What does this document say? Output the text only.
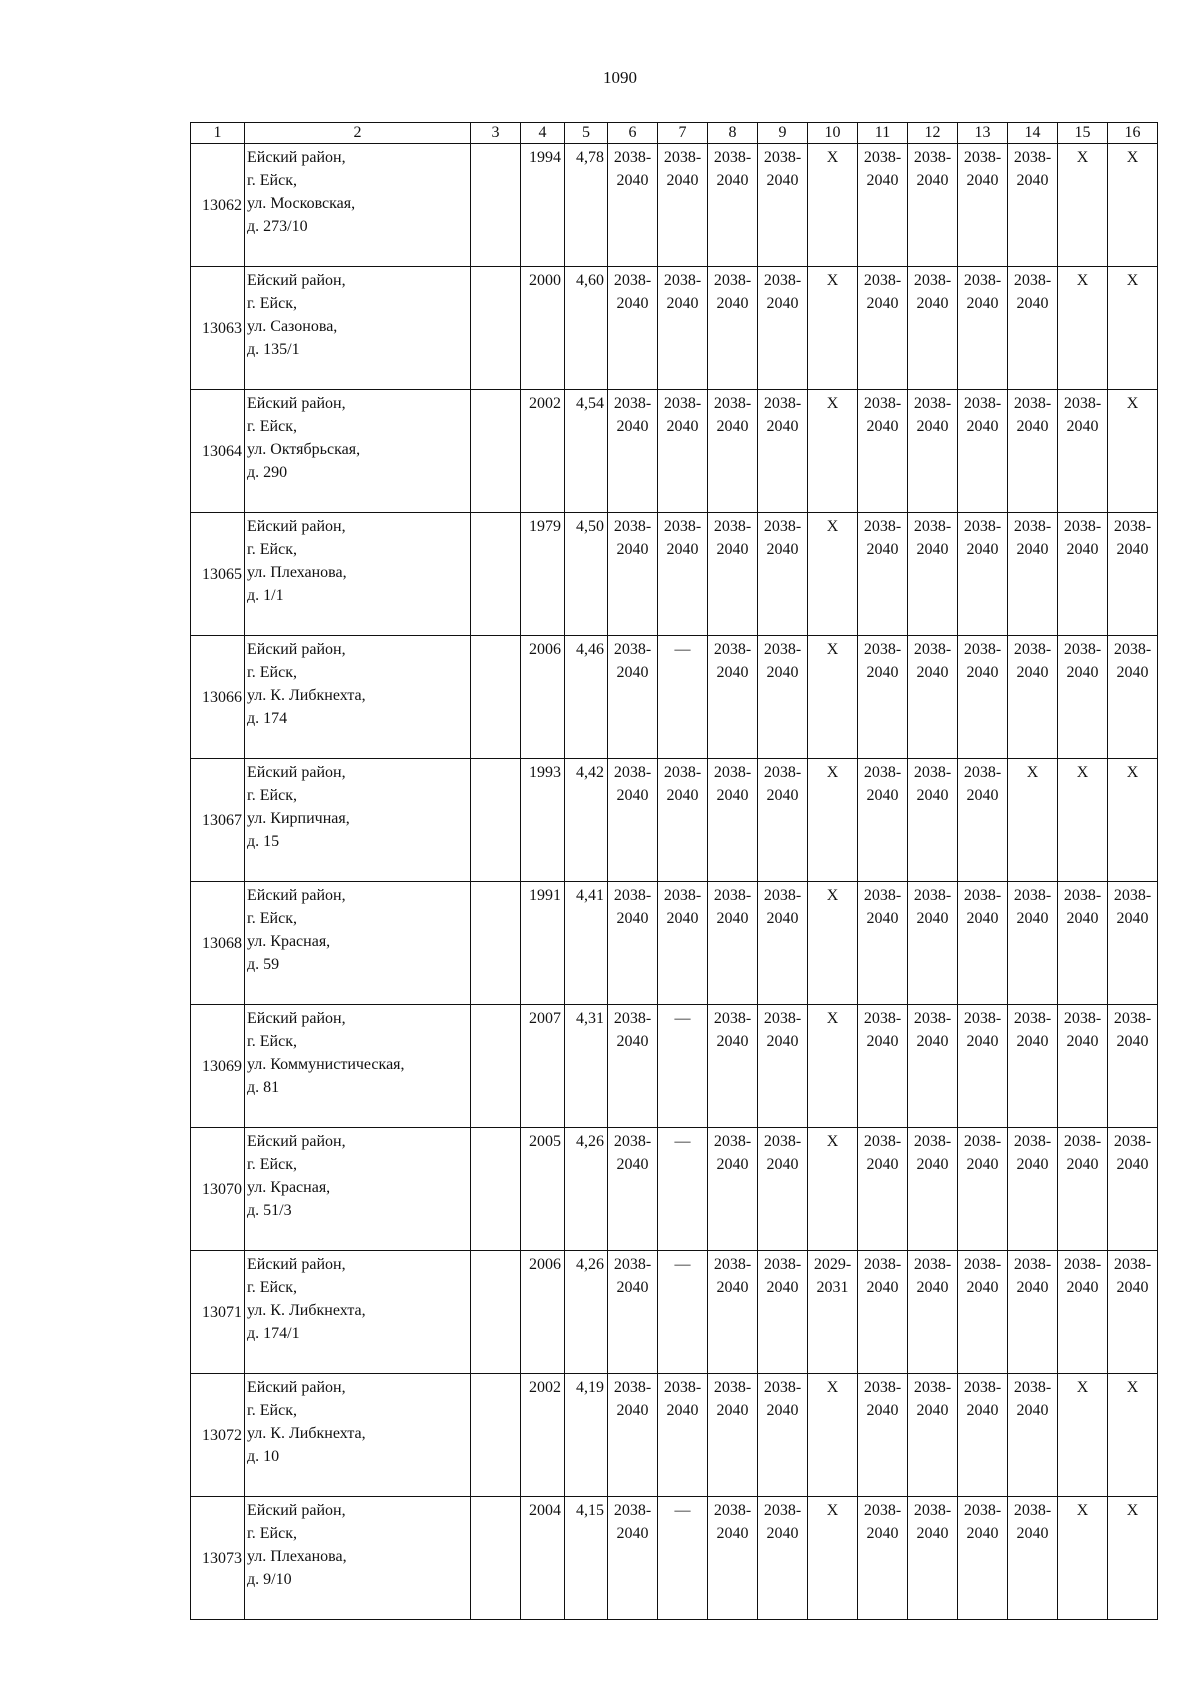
1090
1	2	3	4	5	6	7	8	9	10	11	12	13	14	15	16
13062	Ейский район,
г. Ейск,
ул. Московская,
д. 273/10		1994	4,78	2038-
2040	2038-
2040	2038-
2040	2038-
2040	Х	2038-
2040	2038-
2040	2038-
2040	2038-
2040	Х	Х
13063	Ейский район,
г. Ейск,
ул. Сазонова,
д. 135/1		2000	4,60	2038-
2040	2038-
2040	2038-
2040	2038-
2040	Х	2038-
2040	2038-
2040	2038-
2040	2038-
2040	Х	Х
13064	Ейский район,
г. Ейск,
ул. Октябрьская,
д. 290		2002	4,54	2038-
2040	2038-
2040	2038-
2040	2038-
2040	Х	2038-
2040	2038-
2040	2038-
2040	2038-
2040	2038-
2040	Х
13065	Ейский район,
г. Ейск,
ул. Плеханова,
д. 1/1		1979	4,50	2038-
2040	2038-
2040	2038-
2040	2038-
2040	Х	2038-
2040	2038-
2040	2038-
2040	2038-
2040	2038-
2040	2038-
2040

13066	Ейский район,
г. Ейск,
ул. К. Либкнехта,
д. 174		2006	4,46	2038-
2040	—	2038-
2040	2038-
2040	Х	2038-
2040	2038-
2040	2038-
2040	2038-
2040	2038-
2040	2038-
2040

13067	Ейский район,
г. Ейск,
ул. Кирпичная,
д. 15		1993	4,42	2038-
2040	2038-
2040	2038-
2040	2038-
2040	Х	2038-
2040	2038-
2040	2038-
2040	Х	Х	Х
13068	Ейский район,
г. Ейск,
ул. Красная,
д. 59		1991	4,41	2038-
2040	2038-
2040	2038-
2040	2038-
2040	Х	2038-
2040	2038-
2040	2038-
2040	2038-
2040	2038-
2040	2038-
2040

13069	Ейский район,
г. Ейск,
ул. Коммунистическая,
д. 81		2007	4,31	2038-
2040	—	2038-
2040	2038-
2040	Х	2038-
2040	2038-
2040	2038-
2040	2038-
2040	2038-
2040	2038-
2040

13070	Ейский район,
г. Ейск,
ул. Красная,
д. 51/3		2005	4,26	2038-
2040	—	2038-
2040	2038-
2040	Х	2038-
2040	2038-
2040	2038-
2040	2038-
2040	2038-
2040	2038-
2040

13071	Ейский район,
г. Ейск,
ул. К. Либкнехта,
д. 174/1		2006	4,26	2038-
2040	—	2038-
2040	2038-
2040	2029-
2031	2038-
2040	2038-
2040	2038-
2040	2038-
2040	2038-
2040	2038-
2040

13072	Ейский район,
г. Ейск,
ул. К. Либкнехта,
д. 10		2002	4,19	2038-
2040	2038-
2040	2038-
2040	2038-
2040	Х	2038-
2040	2038-
2040	2038-
2040	2038-
2040	Х	Х
13073	Ейский район,
г. Ейск,
ул. Плеханова,
д. 9/10		2004	4,15	2038-
2040	—	2038-
2040	2038-
2040	Х	2038-
2040	2038-
2040	2038-
2040	2038-
2040	Х	Х
